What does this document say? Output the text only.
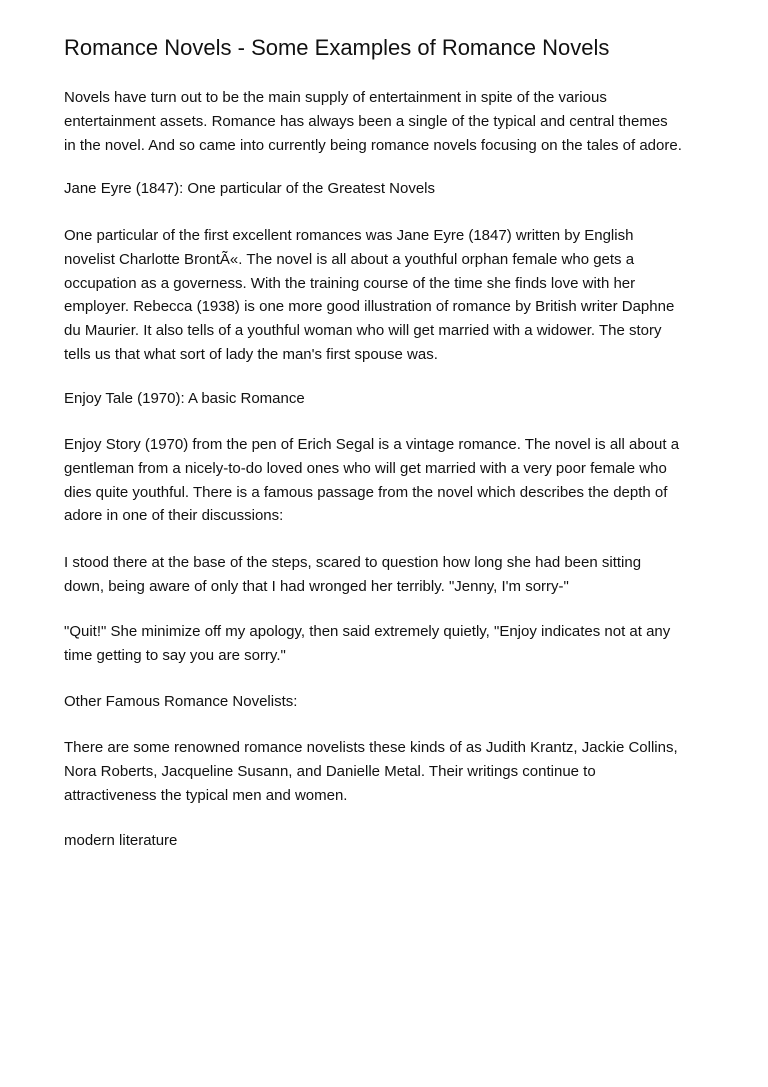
Romance Novels - Some Examples of Romance Novels

Novels have turn out to be the main supply of entertainment in spite of the various
entertainment assets. Romance has always been a single of the typical and central themes
in the novel. And so came into currently being romance novels focusing on the tales of adore.

Jane Eyre (1847): One particular of the Greatest Novels

One particular of the first excellent romances was Jane Eyre (1847) written by English
novelist Charlotte BrontÃ«. The novel is all about a youthful orphan female who gets a
occupation as a governess. With the training course of the time she finds love with her
employer. Rebecca (1938) is one more good illustration of romance by British writer Daphne
du Maurier. It also tells of a youthful woman who will get married with a widower. The story
tells us that what sort of lady the man's first spouse was.

Enjoy Tale (1970): A basic Romance

Enjoy Story (1970) from the pen of Erich Segal is a vintage romance. The novel is all about a
gentleman from a nicely-to-do loved ones who will get married with a very poor female who
dies quite youthful. There is a famous passage from the novel which describes the depth of
adore in one of their discussions:

I stood there at the base of the steps, scared to question how long she had been sitting
down, being aware of only that I had wronged her terribly. "Jenny, I'm sorry-"

"Quit!" She minimize off my apology, then said extremely quietly, "Enjoy indicates not at any
time getting to say you are sorry."

Other Famous Romance Novelists:

There are some renowned romance novelists these kinds of as Judith Krantz, Jackie Collins,
Nora Roberts, Jacqueline Susann, and Danielle Metal. Their writings continue to
attractiveness the typical men and women.

modern literature
